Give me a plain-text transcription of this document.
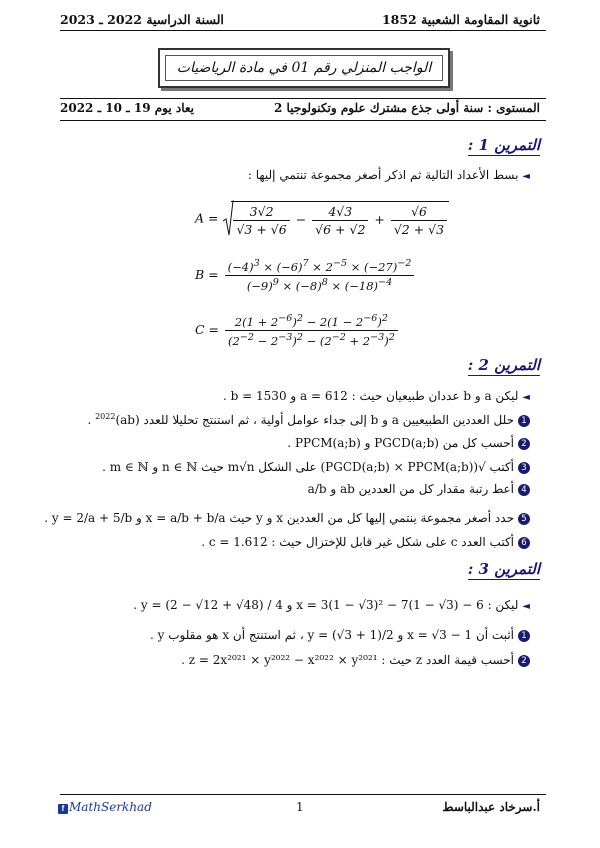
ثانوية المقاومة الشعبية 1852
السنة الدراسية 2022 ـ 2023
الواجب المنزلي رقم 01 في مادة الرياضيات
المستوى : سنة أولى جذع مشترك علوم وتكنولوجيا 2
يعاد يوم 19 ـ 10 ـ 2022
التمرين 1 :
◄ بسط الأعداد التالية ثم اذكر أصغر مجموعة تنتمي إليها :
$A = \frac{3√2}{√3 + √6} - \frac{4√3}{√6 + √2} + \frac{√6}{√2 + √3}$
$B = \frac{(-4)^3 \times (-6)^7 \times 2^{-5} \times (-27)^{-2}}{(-9)^9 \times (-8)^8 \times (-18)^{-4}}$
$C = \frac{2(1 + 2^{-6})^2 - 2(1 - 2^{-6})^2}{(2^{-2} - 2^{-3})^2 - (2^{-2} + 2^{-3})^2}$
التمرين 2 :
◄ ليكن a و b عددان طبيعيان حيث : a = 612 و b = 1530 .
1حلل العددين الطبيعيين a و b إلى جداء عوامل أولية ، ثم استنتج تحليلا للعدد (ab)$^{2022}$ .
2أحسب كل من PGCD(a;b) و PPCM(a;b) .
3أكتب √(PGCD(a;b) × PPCM(a;b)) على الشكل m√n حيث n ∈ ℕ و m ∈ ℕ .
4أعط رتبة مقدار كل من العددين ab و a/b
5حدد أصغر مجموعة ينتمي إليها كل من العددين x و y حيث x = a/b + b/a و y = 2/a + 5/b .
6أكتب العدد c على شكل غير قابل للإختزال حيث : c = 1.612 .
التمرين 3 :
◄ ليكن : x = 3(1 − √3)² − 7(1 − √3) − 6 و y = (2 − √12 + √48) / 4 .
1أثبت أن x = √3 − 1 و y = (√3 + 1)/2 ، ثم استنتج أن x هو مقلوب y .
2أحسب قيمة العدد z حيث : z = 2x²⁰²¹ × y²⁰²² − x²⁰²² × y²⁰²¹ .
f MathSerkhad	1	أ.سرخاد عبدالباسط
